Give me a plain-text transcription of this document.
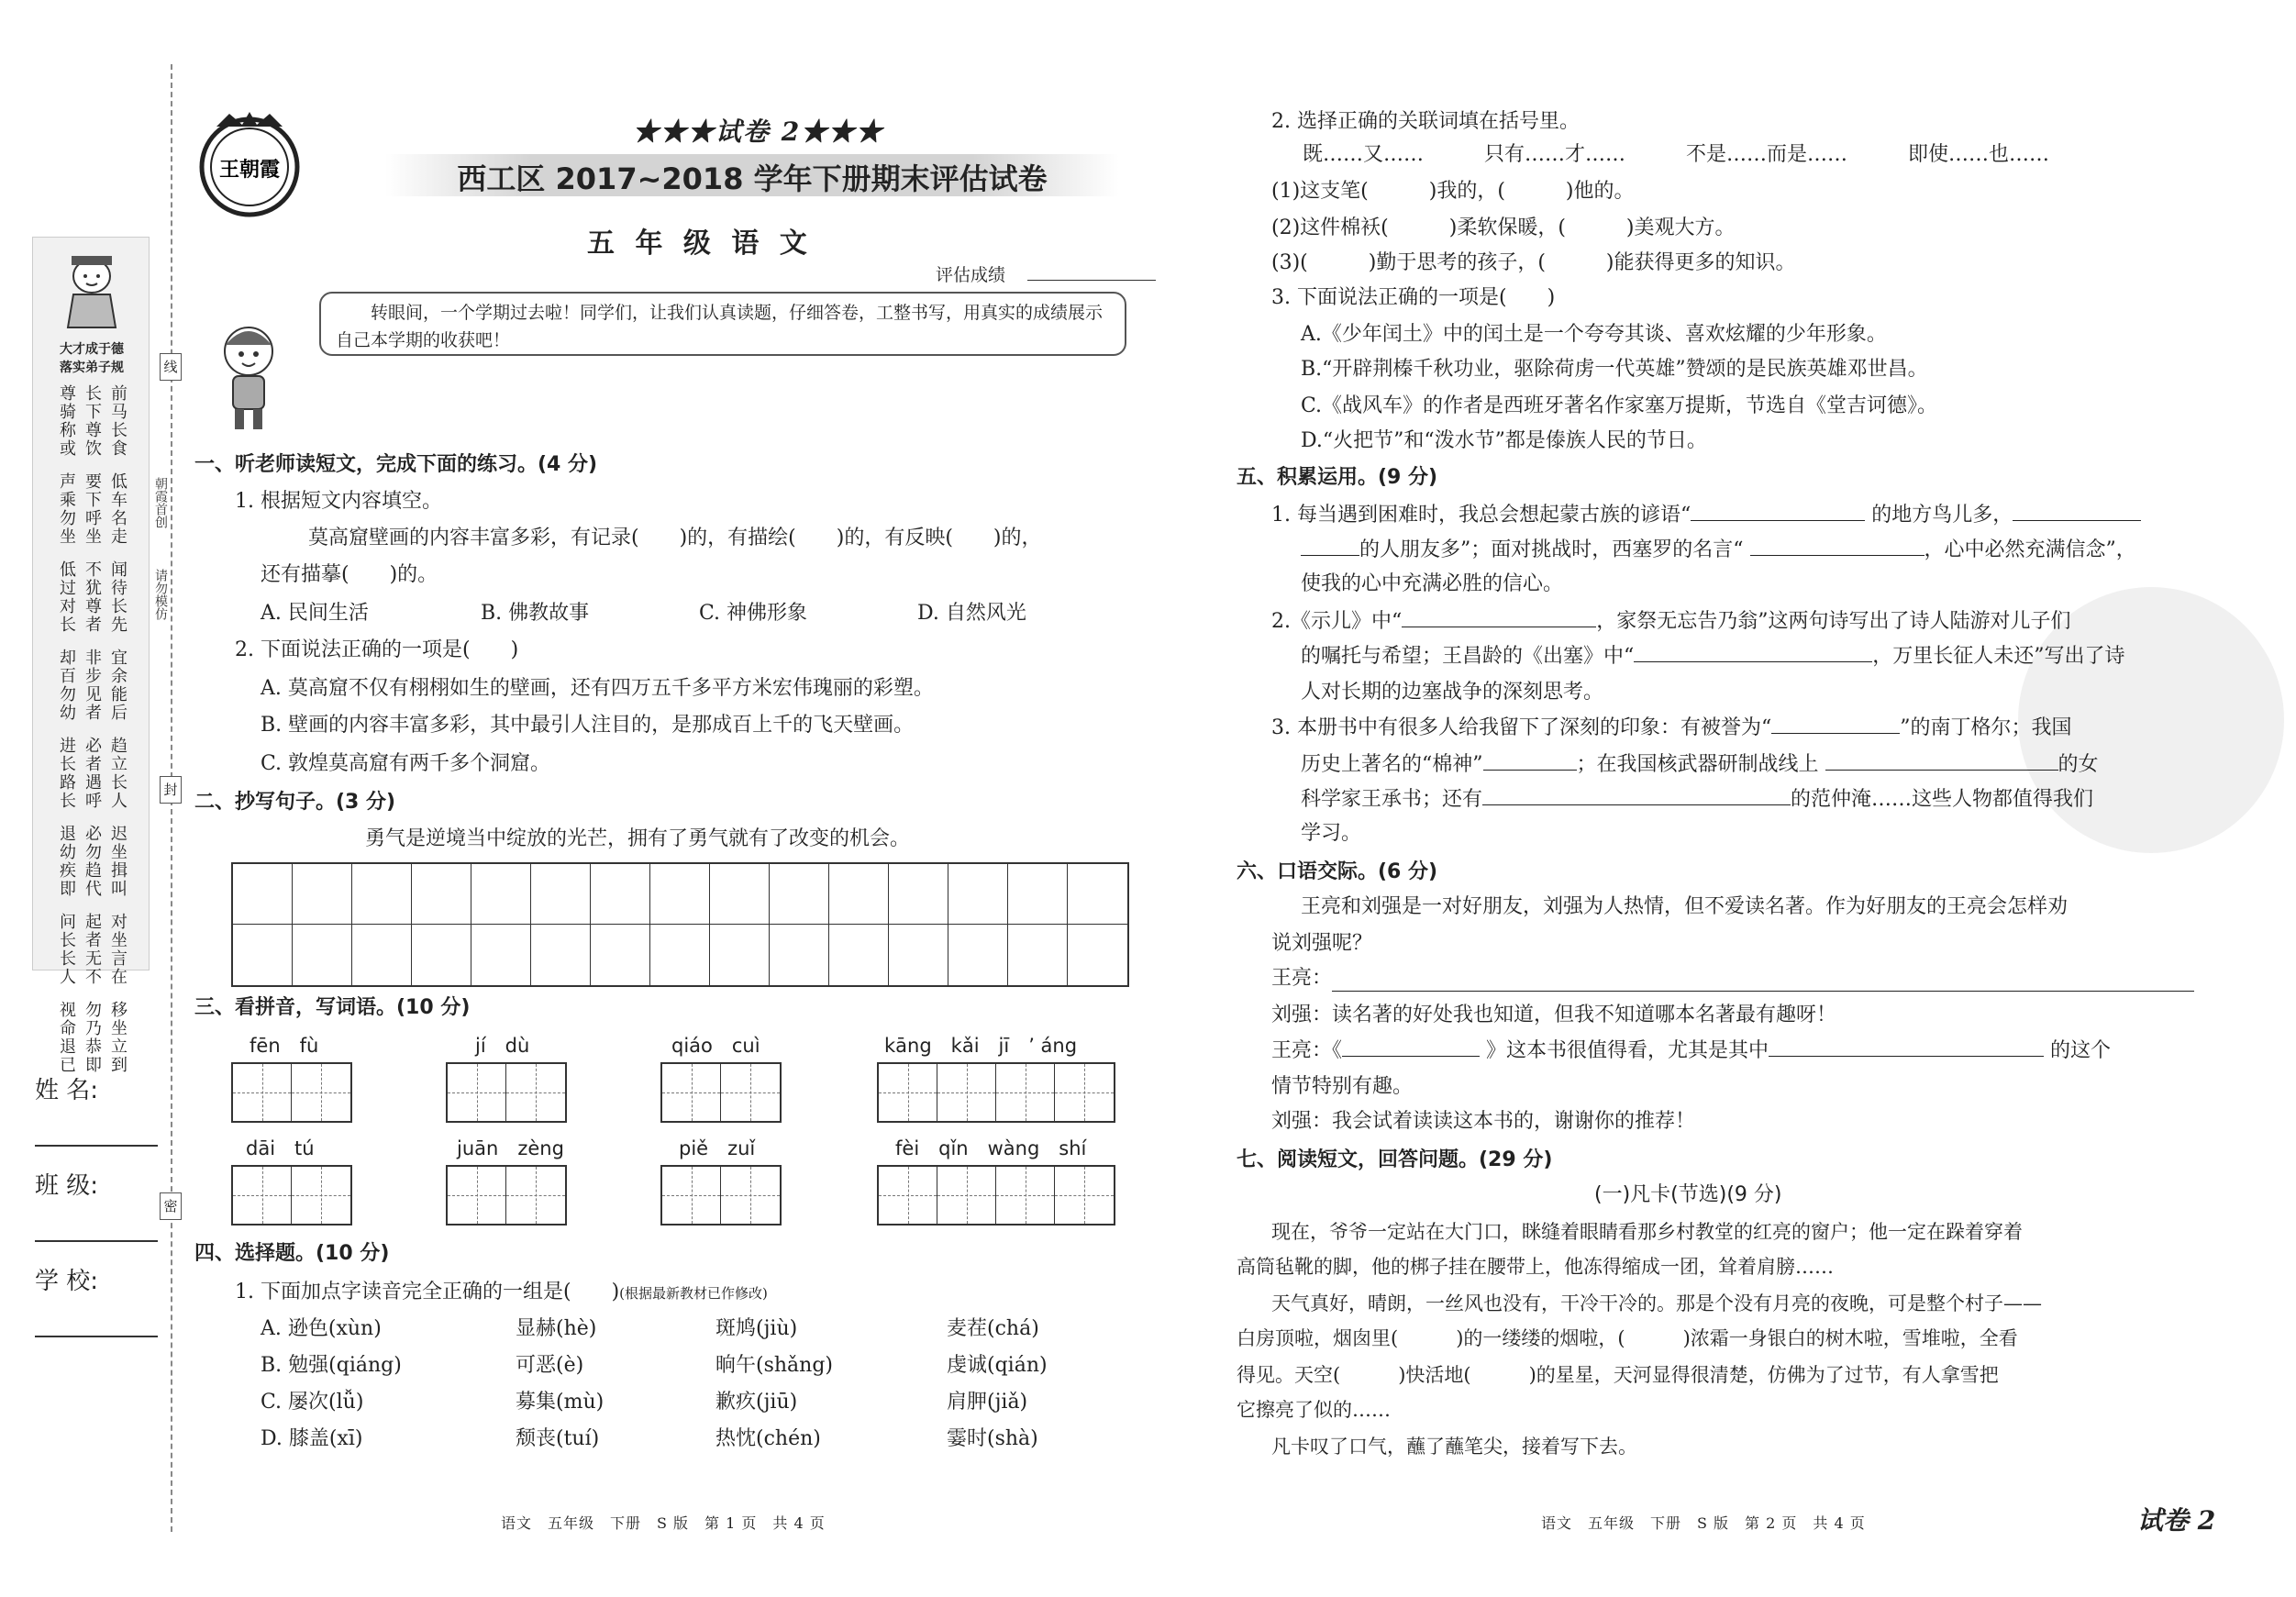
大才成于德
落实弟子规
尊骑称或 长下尊饮 前马长食
声乘勿坐 要下呼坐 低车名走
低过对长 不犹尊者 闻待长先
却百勿幼 非步见者 宜余能后
进长路长 必者遇呼 趋立长人
退幼疾即 必勿趋代 迟坐揖叫
问长长人 起者无不 对坐言在
视命退已 勿乃恭即 移坐立到
线
封
密
朝霞首创
请勿模仿
姓 名:
班 级:
学 校:
王朝霞
★★★试卷 2★★★
西工区 2017~2018 学年下册期末评估试卷
五 年 级 语 文
评估成绩
转眼间，一个学期过去啦！同学们，让我们认真读题，仔细答卷，工整书写，用真实的成绩展示自己本学期的收获吧！
一、听老师读短文，完成下面的练习。(4 分)
1. 根据短文内容填空。
莫高窟壁画的内容丰富多彩，有记录(　　)的，有描绘(　　)的，有反映(　　)的，
还有描摹(　　)的。
A. 民间生活	B. 佛教故事	C. 神佛形象	D. 自然风光
2. 下面说法正确的一项是(　　)
A. 莫高窟不仅有栩栩如生的壁画，还有四万五千多平方米宏伟瑰丽的彩塑。
B. 壁画的内容丰富多彩，其中最引人注目的，是那成百上千的飞天壁画。
C. 敦煌莫高窟有两千多个洞窟。
二、抄写句子。(3 分)
勇气是逆境当中绽放的光芒，拥有了勇气就有了改变的机会。
三、看拼音，写词语。(10 分)
fēn　fù	jí　dù	qiáo　cuì	kāng　kǎi　jī　’ áng
dāi　tú	juān　zèng	piě　zuǐ	fèi　qǐn　wàng　shí
四、选择题。(10 分)
1. 下面加点字读音完全正确的一组是(　　)(根据最新教材已作修改)
A. 逊色(xùn)	显赫(hè)	斑鸠(jiù)	麦茬(chá)
B. 勉强(qiáng)	可恶(è)	晌午(shǎng)	虔诚(qián)
C. 屡次(lǚ)	募集(mù)	歉疚(jiū)	肩胛(jiǎ)
D. 膝盖(xī)	颓丧(tuí)	热忱(chén)	霎时(shà)
语文　五年级　下册　S 版　第 1 页　共 4 页
2. 选择正确的关联词填在括号里。
既……又……　　　只有……才……　　　不是……而是……　　　即使……也……
(1)这支笔(　　　)我的，(　　　)他的。
(2)这件棉袄(　　　)柔软保暖，(　　　)美观大方。
(3)(　　　)勤于思考的孩子，(　　　)能获得更多的知识。
3. 下面说法正确的一项是(　　)
A.《少年闰土》中的闰土是一个夸夸其谈、喜欢炫耀的少年形象。
B.“开辟荆榛千秋功业，驱除荷虏一代英雄”赞颂的是民族英雄邓世昌。
C.《战风车》的作者是西班牙著名作家塞万提斯，节选自《堂吉诃德》。
D.“火把节”和“泼水节”都是傣族人民的节日。
五、积累运用。(9 分)
1. 每当遇到困难时，我总会想起蒙古族的谚语“	的地方鸟儿多，
的人朋友多”；面对挑战时，西塞罗的名言“	，心中必然充满信念”，
使我的心中充满必胜的信心。
2.《示儿》中“	，家祭无忘告乃翁”这两句诗写出了诗人陆游对儿子们
的嘱托与希望；王昌龄的《出塞》中“	，万里长征人未还”写出了诗
人对长期的边塞战争的深刻思考。
3. 本册书中有很多人给我留下了深刻的印象：有被誉为“	”的南丁格尔；我国
历史上著名的“棉神”	；在我国核武器研制战线上	的女
科学家王承书；还有	的范仲淹……这些人物都值得我们
学习。
六、口语交际。(6 分)
王亮和刘强是一对好朋友，刘强为人热情，但不爱读名著。作为好朋友的王亮会怎样劝
说刘强呢？
王亮：
刘强：读名著的好处我也知道，但我不知道哪本名著最有趣呀！
王亮：《	》这本书很值得看，尤其是其中	的这个
情节特别有趣。
刘强：我会试着读读这本书的，谢谢你的推荐！
七、阅读短文，回答问题。(29 分)
(一)凡卡(节选)(9 分)
现在，爷爷一定站在大门口，眯缝着眼睛看那乡村教堂的红亮的窗户；他一定在跺着穿着
高筒毡靴的脚，他的梆子挂在腰带上，他冻得缩成一团，耸着肩膀……
天气真好，晴朗，一丝风也没有，干冷干冷的。那是个没有月亮的夜晚，可是整个村子——
白房顶啦，烟囱里(　　　)的一缕缕的烟啦，(　　　)浓霜一身银白的树木啦，雪堆啦，全看
得见。天空(　　　)快活地(　　　)的星星，天河显得很清楚，仿佛为了过节，有人拿雪把
它擦亮了似的……
凡卡叹了口气，蘸了蘸笔尖，接着写下去。
语文　五年级　下册　S 版　第 2 页　共 4 页	试卷 2
